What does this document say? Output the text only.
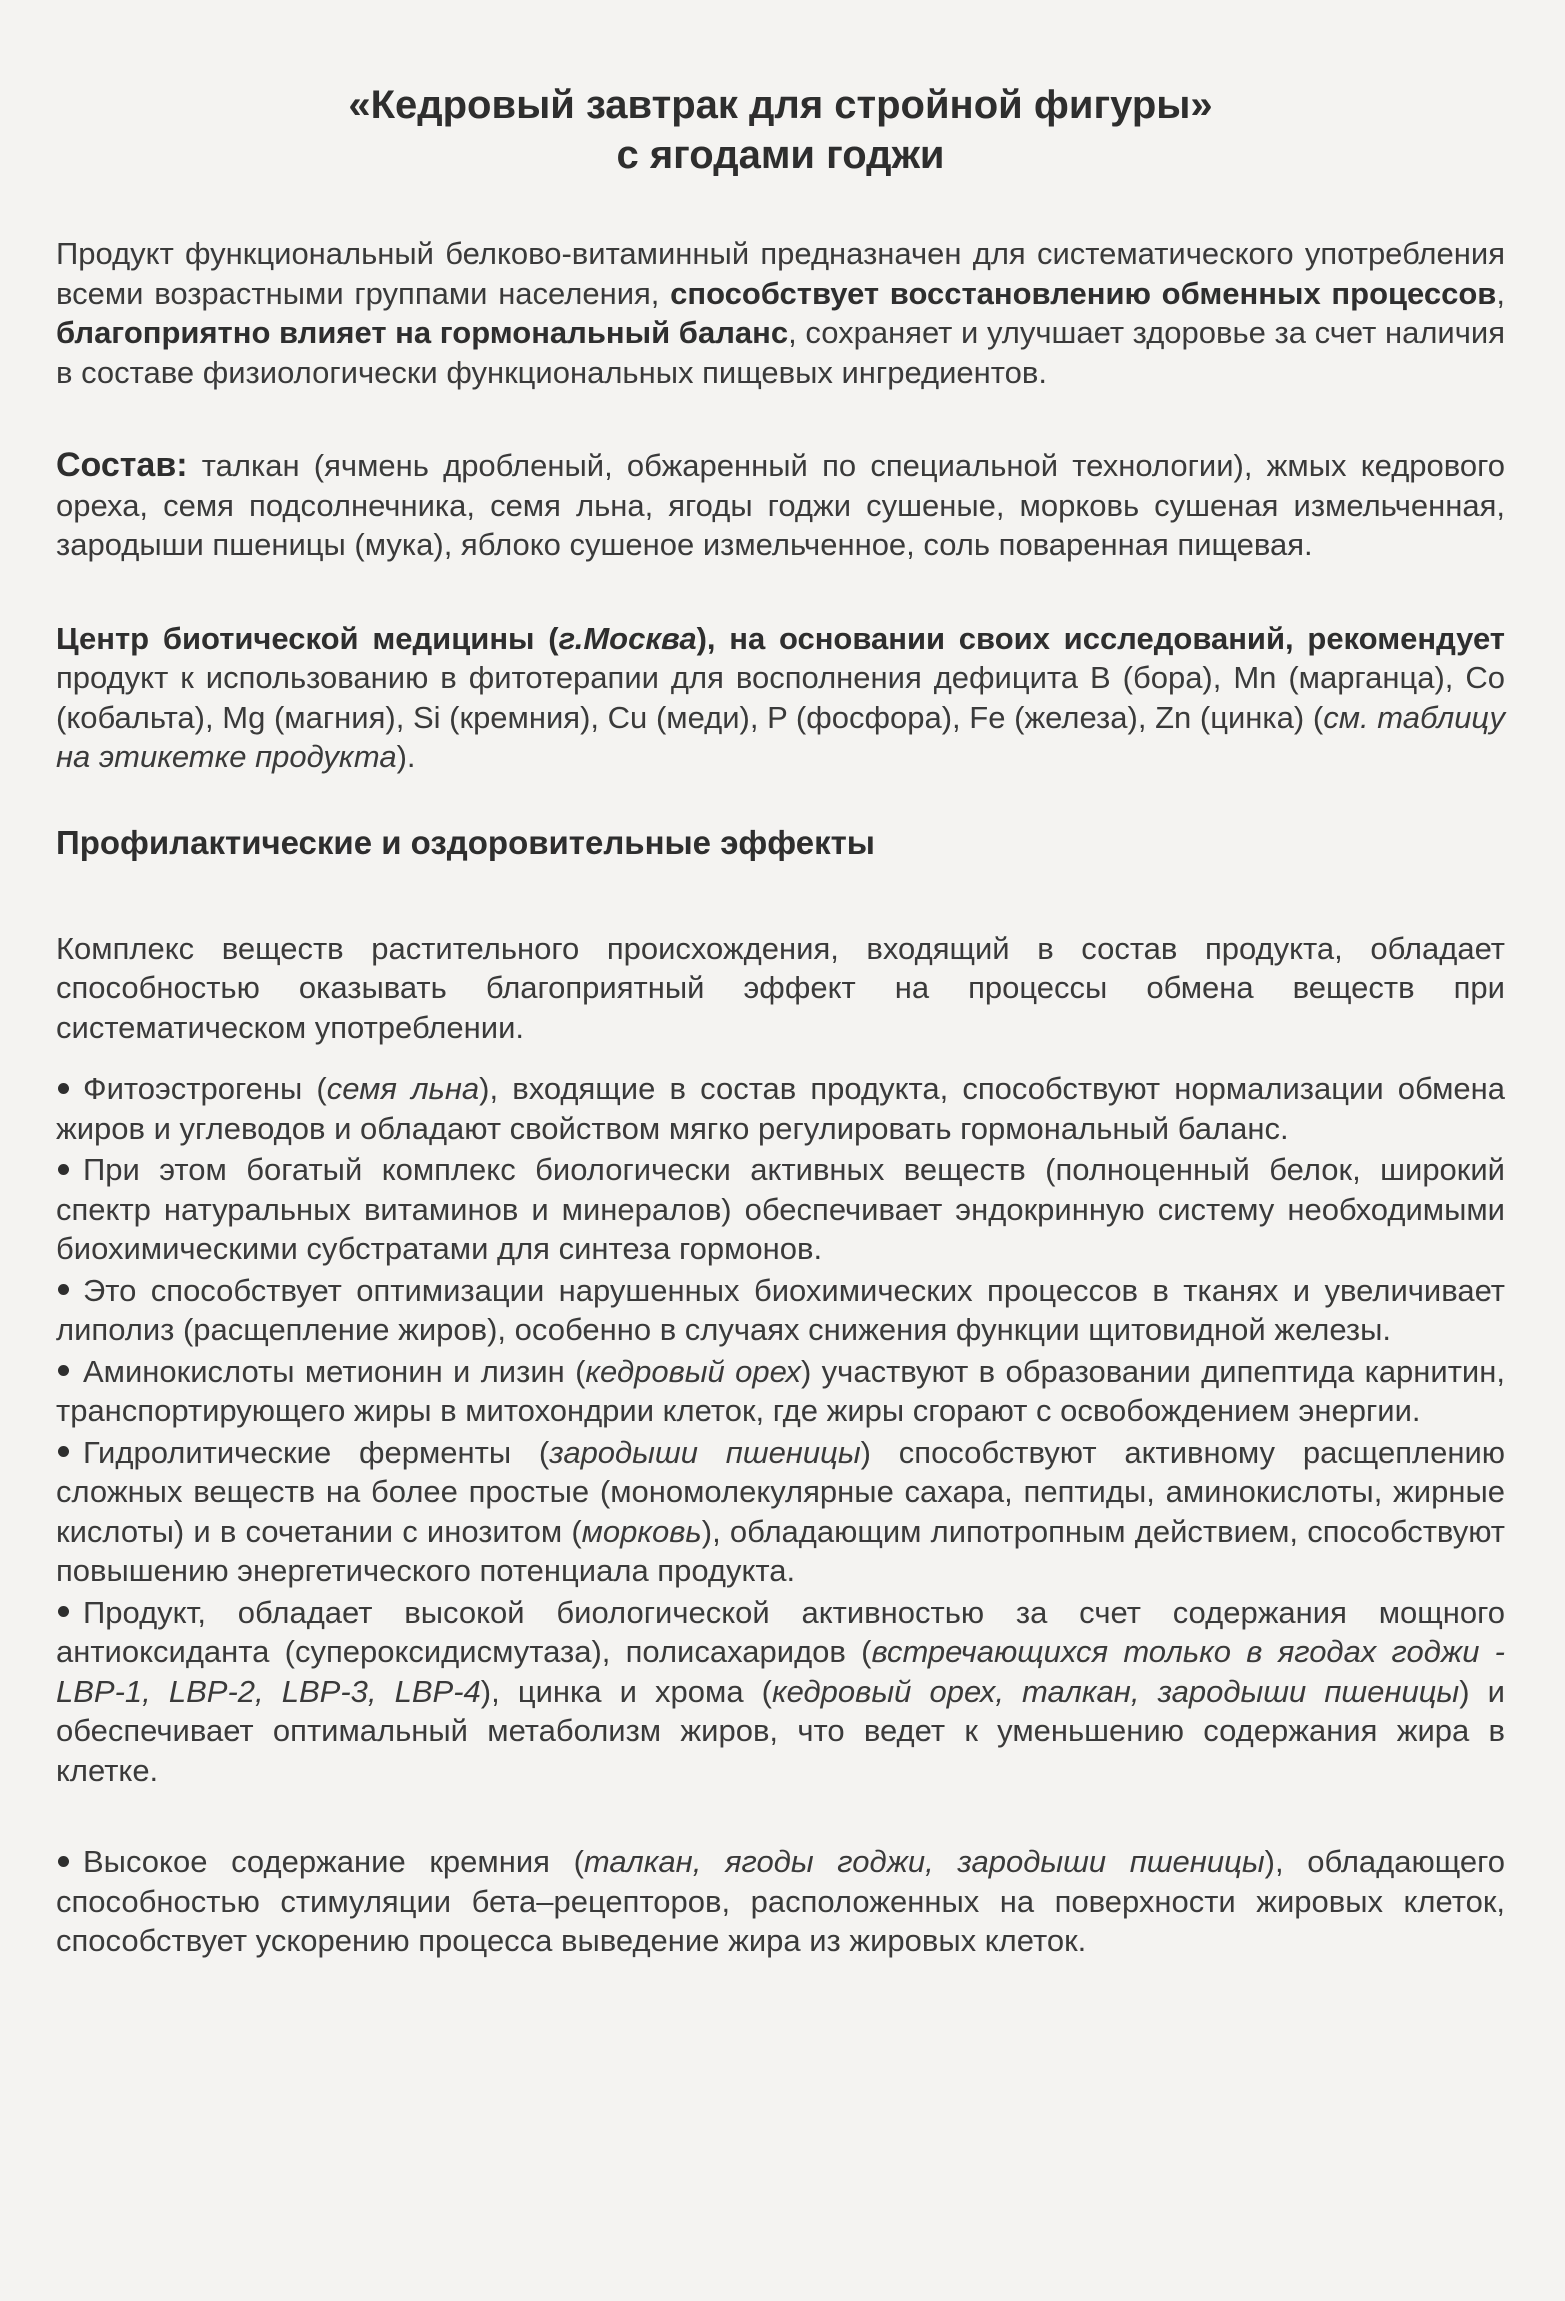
«Кедровый завтрак для стройной фигуры»
с ягодами годжи

Продукт функциональный белково-витаминный предназначен для систематического употребления всеми возрастными группами населения, способствует восстановлению обменных процессов, благоприятно влияет на гормональный баланс, сохраняет и улучшает здоровье за счет наличия в составе физиологически функциональных пищевых ингредиентов.

Состав: талкан (ячмень дробленый, обжаренный по специальной технологии), жмых кедрового ореха, семя подсолнечника, семя льна, ягоды годжи сушеные, морковь сушеная измельченная, зародыши пшеницы (мука), яблоко сушеное измельченное, соль поваренная пищевая.

Центр биотической медицины (г.Москва), на основании своих исследований, рекомендует продукт к использованию в фитотерапии для восполнения дефицита B (бора), Mn (марганца), Co (кобальта), Mg (магния), Si (кремния), Cu (меди), P (фосфора), Fe (железа), Zn (цинка) (см. таблицу на этикетке продукта).

Профилактические и оздоровительные эффекты

Комплекс веществ растительного происхождения, входящий в состав продукта, обладает способностью оказывать благоприятный эффект на процессы обмена веществ при систематическом употреблении.

Фитоэстрогены (семя льна), входящие в состав продукта, способствуют нормализации обмена жиров и углеводов и обладают свойством мягко регулировать гормональный баланс.

При этом богатый комплекс биологически активных веществ (полноценный белок, широкий спектр натуральных витаминов и минералов) обеспечивает эндокринную систему необходимыми биохимическими субстратами для синтеза гормонов.

Это способствует оптимизации нарушенных биохимических процессов в тканях и увеличивает липолиз (расщепление жиров), особенно в случаях снижения функции щитовидной железы.

Аминокислоты метионин и лизин (кедровый орех) участвуют в образовании дипептида карнитин, транспортирующего жиры в митохондрии клеток, где жиры сгорают с освобождением энергии.

Гидролитические ферменты (зародыши пшеницы) способствуют активному расщеплению сложных веществ на более простые (мономолекулярные сахара, пептиды, аминокислоты, жирные кислоты) и в сочетании с инозитом (морковь), обладающим липотропным действием, способствуют повышению энергетического потенциала продукта.

Продукт, обладает высокой биологической активностью за счет содержания мощного антиоксиданта (супероксидисмутаза), полисахаридов (встречающихся только в ягодах годжи - LBP-1, LBP-2, LBP-3, LBP-4), цинка и хрома (кедровый орех, талкан, зародыши пшеницы) и обеспечивает оптимальный метаболизм жиров, что ведет к уменьшению содержания жира в клетке.

Высокое содержание кремния (талкан, ягоды годжи, зародыши пшеницы), обладающего способностью стимуляции бета–рецепторов, расположенных на поверхности жировых клеток, способствует ускорению процесса выведение жира из жировых клеток.
